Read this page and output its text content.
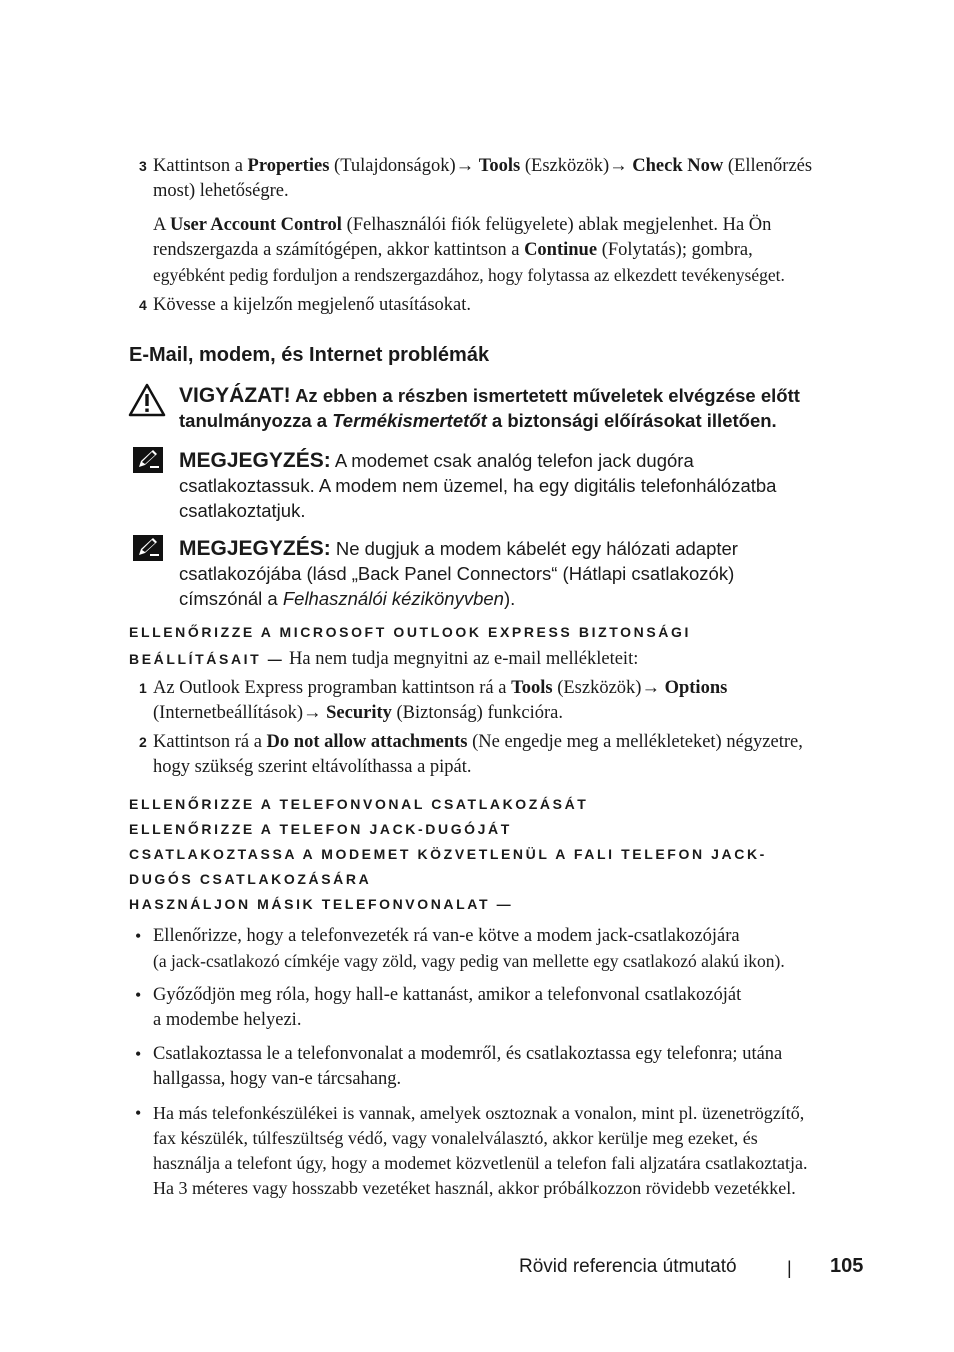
3 Kattintson a Properties (Tulajdonságok)→ Tools (Eszközök)→ Check Now (Ellenőrzés
most) lehetőségre.
A User Account Control (Felhasználói fiók felügyelete) ablak megjelenhet. Ha Ön
rendszergazda a számítógépen, akkor kattintson a Continue (Folytatás); gombra,
egyébként pedig forduljon a rendszergazdához, hogy folytassa az elkezdett tevékenységet.
4 Kövesse a kijelzőn megjelenő utasításokat.
E-Mail, modem, és Internet problémák
VIGYÁZAT! Az ebben a részben ismertetett műveletek elvégzése előtt
tanulmányozza a Termékismertetőt a biztonsági előírásokat illetően.
MEGJEGYZÉS: A modemet csak analóg telefon jack dugóra
csatlakoztassuk. A modem nem üzemel, ha egy digitális telefonhálózatba
csatlakoztatjuk.
MEGJEGYZÉS: Ne dugjuk a modem kábelét egy hálózati adapter
csatlakozójába (lásd „Back Panel Connectors“ (Hátlapi csatlakozók)
címszónál a Felhasználói kézikönyvben).
ELLENŐRIZZE A MICROSOFT OUTLOOK EXPRESS BIZTONSÁGI
BEÁLLÍTÁSAIT — Ha nem tudja megnyitni az e-mail mellékleteit:
1 Az Outlook Express programban kattintson rá a Tools (Eszközök)→ Options
(Internetbeállítások)→ Security (Biztonság) funkcióra.
2 Kattintson rá a Do not allow attachments (Ne engedje meg a mellékleteket) négyzetre,
hogy szükség szerint eltávolíthassa a pipát.
ELLENŐRIZZE A TELEFONVONAL CSATLAKOZÁSÁT
ELLENŐRIZZE A TELEFON JACK-DUGÓJÁT
CSATLAKOZTASSA A MODEMET KÖZVETLENÜL A FALI TELEFON JACK-
DUGÓS CSATLAKOZÁSÁRA
HASZNÁLJON MÁSIK TELEFONVONALAT —
• Ellenőrizze, hogy a telefonvezeték rá van-e kötve a modem jack-csatlakozójára
(a jack-csatlakozó címkéje vagy zöld, vagy pedig van mellette egy csatlakozó alakú ikon).
• Győződjön meg róla, hogy hall-e kattanást, amikor a telefonvonal csatlakozóját
a modembe helyezi.
• Csatlakoztassa le a telefonvonalat a modemről, és csatlakoztassa egy telefonra; utána
hallgassa, hogy van-e tárcsahang.
• Ha más telefonkészülékei is vannak, amelyek osztoznak a vonalon, mint pl. üzenetrögzítő,
fax készülék, túlfeszültség védő, vagy vonalelválasztó, akkor kerülje meg ezeket, és
használja a telefont úgy, hogy a modemet közvetlenül a telefon fali aljzatára csatlakoztatja.
Ha 3 méteres vagy hosszabb vezetéket használ, akkor próbálkozzon rövidebb vezetékkel.
Rövid referencia útmutató	| 105
